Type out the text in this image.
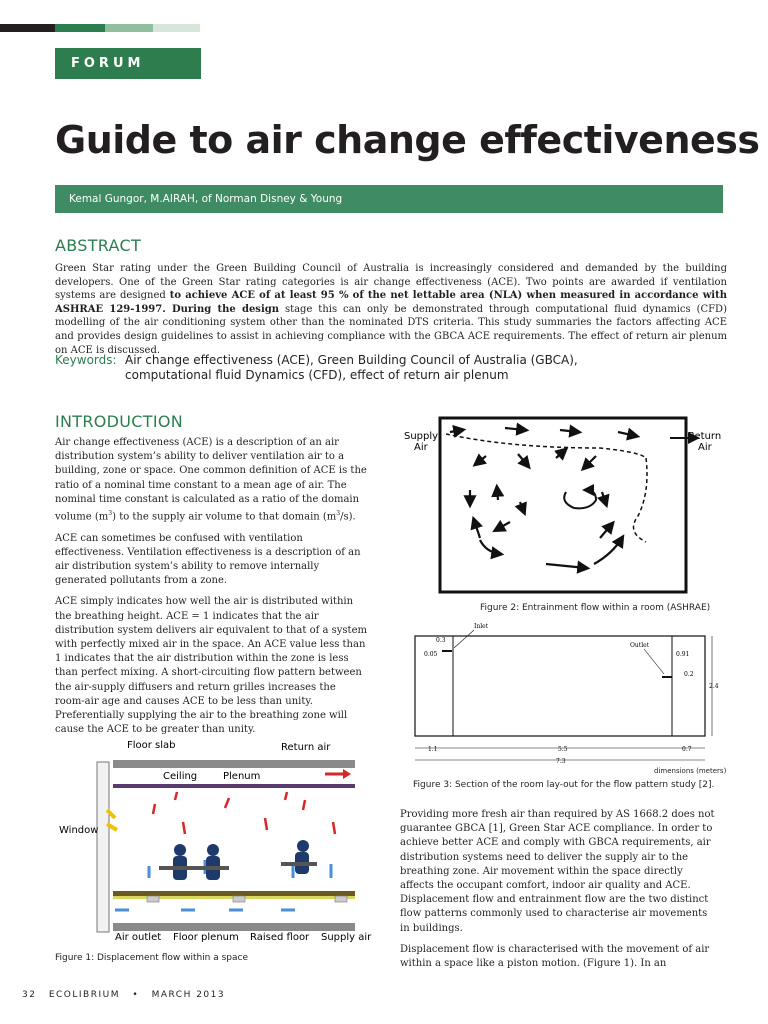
FORUM
Guide to air change effectiveness
Kemal Gungor, M.AIRAH, of Norman Disney & Young
ABSTRACT

Green Star rating under the Green Building Council of Australia is increasingly considered and demanded by the building developers. One of the Green Star rating categories is air change effectiveness (ACE). Two points are awarded if ventilation systems are designed to achieve ACE of at least 95 % of the net lettable area (NLA) when measured in accordance with ASHRAE 129-1997. During the design stage this can only be demonstrated through computational fluid dynamics (CFD) modelling of the air conditioning system other than the nominated DTS criteria. This study summaries the factors affecting ACE and provides design guidelines to assist in achieving compliance with the GBCA ACE requirements. The effect of return air plenum on ACE is discussed.

Keywords: Air change effectiveness (ACE), Green Building Council of Australia (GBCA),
computational fluid Dynamics (CFD), effect of return air plenum
INTRODUCTION

Air change effectiveness (ACE) is a description of an air distribution system’s ability to deliver ventilation air to a building, zone or space. One common definition of ACE is the ratio of a nominal time constant to a mean age of air. The nominal time constant is calculated as a ratio of the domain volume $(m^3)$ to the supply air volume to that domain $(m^3/s)$.

ACE can sometimes be confused with ventilation effectiveness. Ventilation effectiveness is a description of an air distribution system’s ability to remove internally generated pollutants from a zone.

ACE simply indicates how well the air is distributed within the breathing height. ACE = 1 indicates that the air distribution system delivers air equivalent to that of a system with perfectly mixed air in the space. An ACE value less than 1 indicates that the air distribution within the zone is less than perfect mixing. A short-circuiting flow pattern between the air-supply diffusers and return grilles increases the room-air age and causes ACE to be less than unity. Preferentially supplying the air to the breathing zone will cause the ACE to be greater than unity.

Supply
Air
Return
Air
Figure 2: Entrainment flow within a room (ASHRAE)
Inlet
Outlet
0.3
0.05	0.91
0.2
2.4
1.1	5.5	0.7
7.3
dimensions (meters)
Figure 3: Section of the room lay-out for the flow pattern study [2].
Floor slab	Return air
Ceiling	Plenum
Window
Air outlet Floor plenum Raised floor Supply air
Figure 1: Displacement flow within a space

Providing more fresh air than required by AS 1668.2 does not guarantee GBCA [1], Green Star ACE compliance. In order to achieve better ACE and comply with GBCA requirements, air distribution systems need to deliver the supply air to the breathing zone. Air movement within the space directly affects the occupant comfort, indoor air quality and ACE. Displacement flow and entrainment flow are the two distinct flow patterns commonly used to characterise air movements in buildings.

Displacement flow is characterised with the movement of air within a space like a piston motion. (Figure 1). In an

32 ECOLIBRIUM • MARCH 2013
